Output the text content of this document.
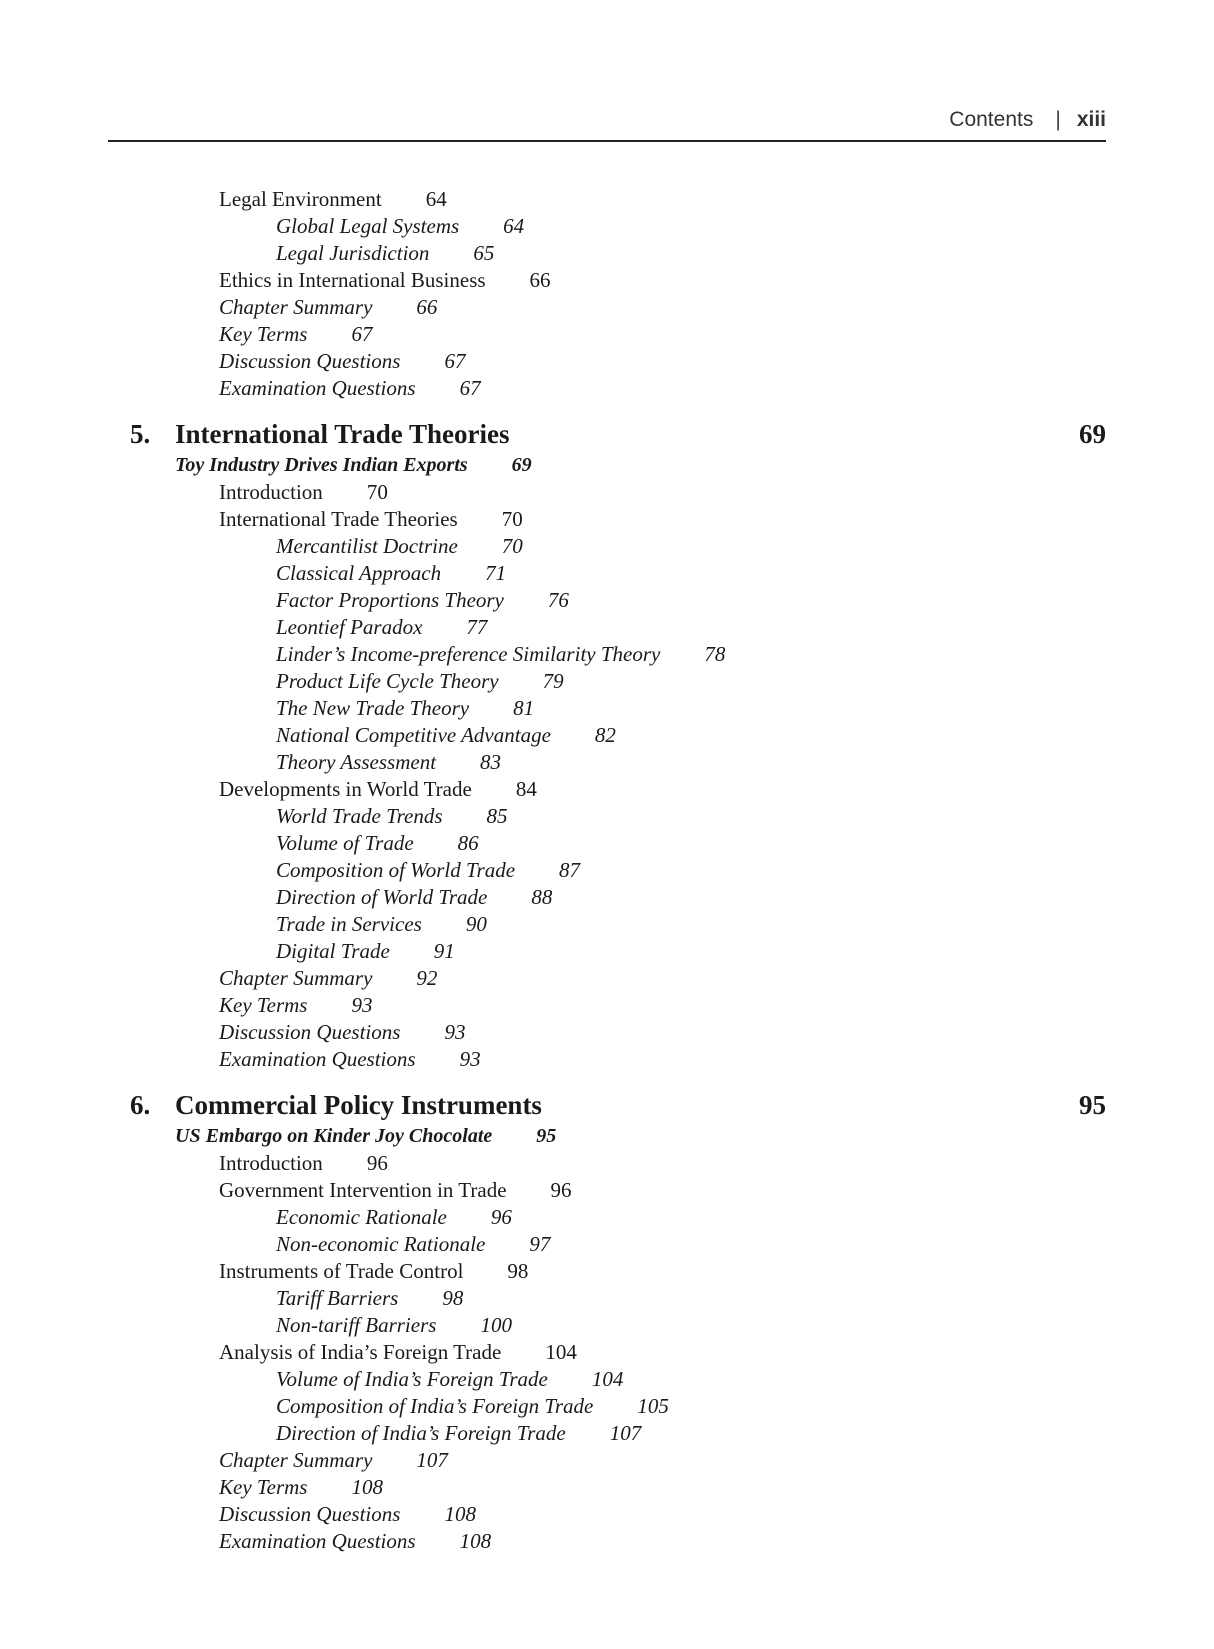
Contents | xiii
Legal Environment 64
Global Legal Systems 64
Legal Jurisdiction 65
Ethics in International Business 66
Chapter Summary 66
Key Terms 67
Discussion Questions 67
Examination Questions 67
5. International Trade Theories	69
Toy Industry Drives Indian Exports 69
Introduction 70
International Trade Theories 70
Mercantilist Doctrine 70
Classical Approach 71
Factor Proportions Theory 76
Leontief Paradox 77
Linder’s Income-preference Similarity Theory 78
Product Life Cycle Theory 79
The New Trade Theory 81
National Competitive Advantage 82
Theory Assessment 83
Developments in World Trade 84
World Trade Trends 85
Volume of Trade 86
Composition of World Trade 87
Direction of World Trade 88
Trade in Services 90
Digital Trade 91
Chapter Summary 92
Key Terms 93
Discussion Questions 93
Examination Questions 93
6. Commercial Policy Instruments	95
US Embargo on Kinder Joy Chocolate 95
Introduction 96
Government Intervention in Trade 96
Economic Rationale 96
Non-economic Rationale 97
Instruments of Trade Control 98
Tariff Barriers 98
Non-tariff Barriers 100
Analysis of India’s Foreign Trade 104
Volume of India’s Foreign Trade 104
Composition of India’s Foreign Trade 105
Direction of India’s Foreign Trade 107
Chapter Summary 107
Key Terms 108
Discussion Questions 108
Examination Questions 108
